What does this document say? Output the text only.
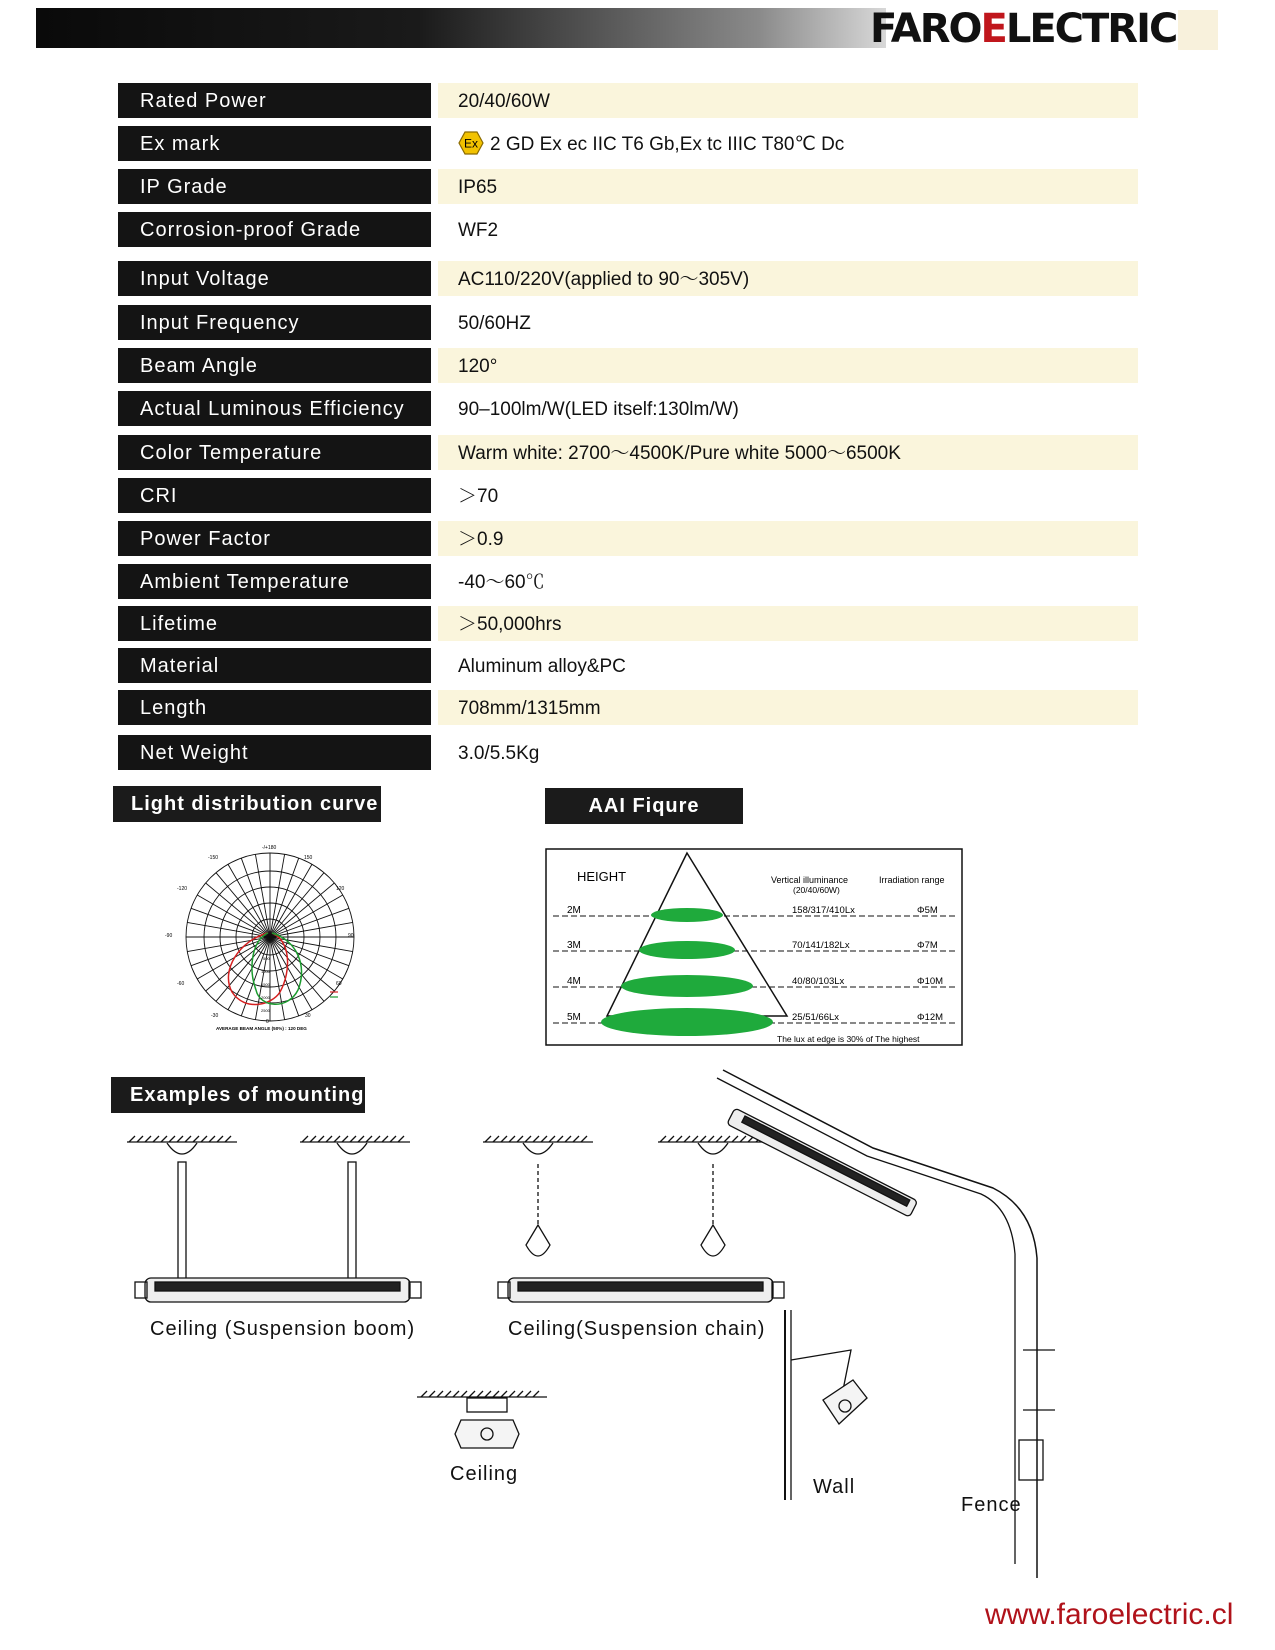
FAROELECTRIC
Rated Power	20/40/60W
Ex mark	Ex 2 GD Ex ec IIC T6 Gb,Ex tc IIIC T80℃ Dc
IP Grade	IP65
Corrosion-proof Grade	WF2
Input Voltage	AC110/220V(applied to 90～305V)
Input Frequency	50/60HZ
Beam Angle	120°
Actual Luminous Efficiency	90–100lm/W(LED itself:130lm/W)
Color Temperature	Warm white: 2700～4500K/Pure white 5000～6500K
CRI	＞70
Power Factor	＞0.9
Ambient Temperature	-40～60℃
Lifetime	＞50,000hrs
Material	Aluminum alloy&PC
Length	708mm/1315mm
Net Weight	3.0/5.5Kg
Light distribution curve
-/+180
-150	150
-120	120
-90	90
-60	60
-30
0
30
500
1000
1500
2000
2500
AVERAGE BEAM ANGLE (50%) : 120 DEG
AAI Fiqure
2M	158/317/410Lx	Φ5M
3M	70/141/182Lx	Φ7M
4M	40/80/103Lx	Φ10M
5M	25/51/66Lx	Φ12M
HEIGHT	Vertical illuminance
(20/40/60W)
Irradiation range
The lux at edge is 30% of The highest
Examples of mounting
Ceiling (Suspension boom)	Ceiling(Suspension chain)
Ceiling
Wall
Fence
www.faroelectric.cl
